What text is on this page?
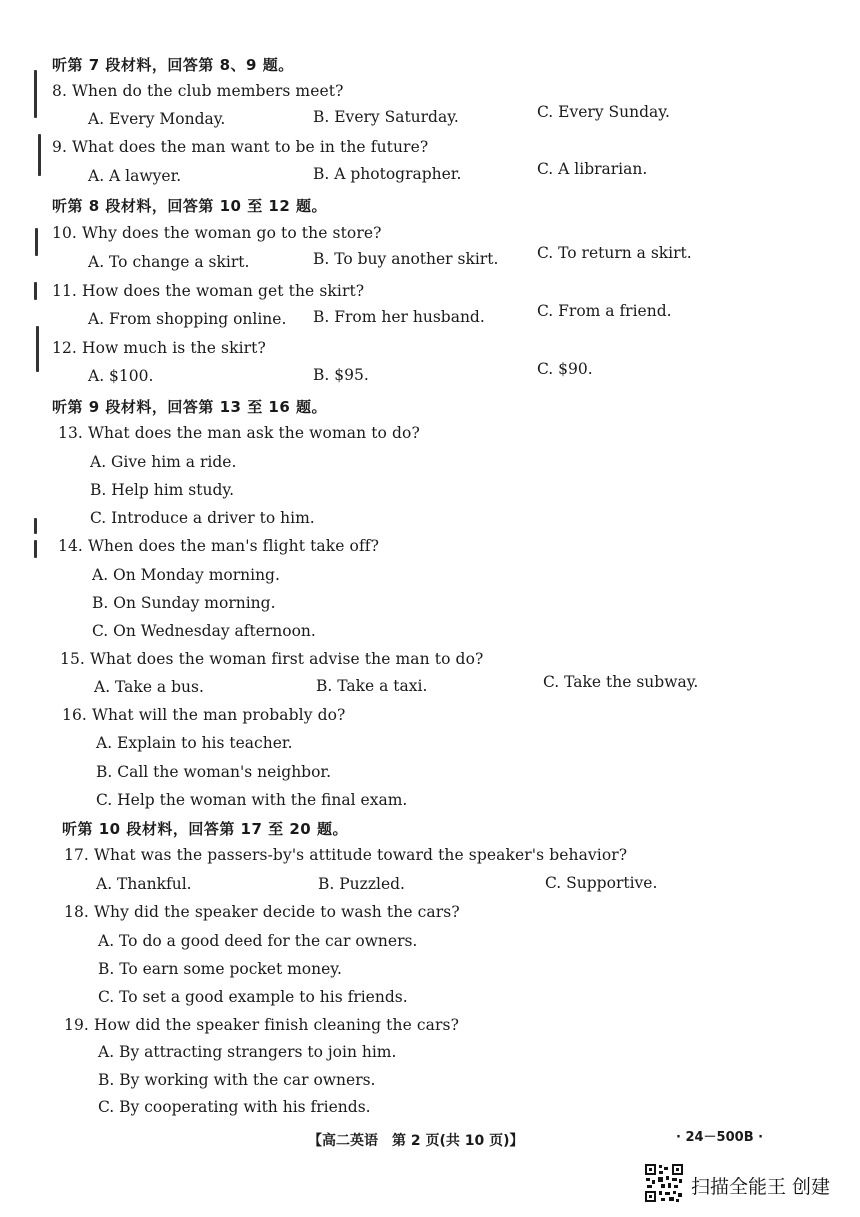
听第 7 段材料，回答第 8、9 题。
8. When do the club members meet?
A. Every Monday.	B. Every Saturday.	C. Every Sunday.
9. What does the man want to be in the future?
A. A lawyer.	B. A photographer.	C. A librarian.
听第 8 段材料，回答第 10 至 12 题。
10. Why does the woman go to the store?
A. To change a skirt.	B. To buy another skirt. C. To return a skirt.
11. How does the woman get the skirt?
A. From shopping online. B. From her husband.	C. From a friend.
12. How much is the skirt?
A. $100.	B. $95.	C. $90.
听第 9 段材料，回答第 13 至 16 题。
13. What does the man ask the woman to do?
A. Give him a ride.
B. Help him study.
C. Introduce a driver to him.
14. When does the man's flight take off?
A. On Monday morning.
B. On Sunday morning.
C. On Wednesday afternoon.
15. What does the woman first advise the man to do?
A. Take a bus.	B. Take a taxi.	C. Take the subway.
16. What will the man probably do?
A. Explain to his teacher.
B. Call the woman's neighbor.
C. Help the woman with the final exam.
听第 10 段材料，回答第 17 至 20 题。
17. What was the passers-by's attitude toward the speaker's behavior?
A. Thankful.	B. Puzzled.	C. Supportive.
18. Why did the speaker decide to wash the cars?
A. To do a good deed for the car owners.
B. To earn some pocket money.
C. To set a good example to his friends.
19. How did the speaker finish cleaning the cars?
A. By attracting strangers to join him.
B. By working with the car owners.
C. By cooperating with his friends.
【高二英语　第 2 页(共 10 页)】	· 24－500B ·
扫描全能王 创建
